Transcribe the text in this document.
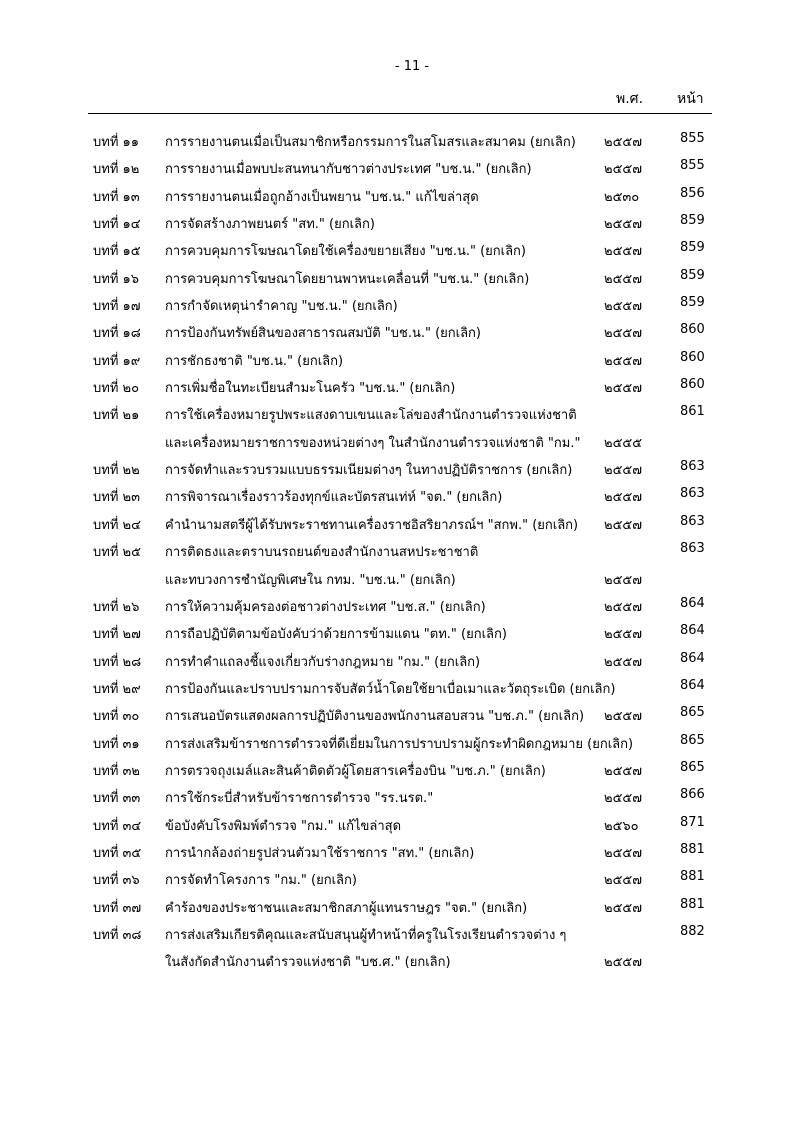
- 11 -
พ.ศ. หน้า
บทที่ ๑๑ การรายงานตนเมื่อเป็นสมาชิกหรือกรรมการในสโมสรและสมาคม (ยกเลิก) ๒๕๕๗	855
บทที่ ๑๒ การรายงานเมื่อพบปะสนทนากับชาวต่างประเทศ "บช.น." (ยกเลิก)	๒๕๕๗	855
บทที่ ๑๓ การรายงานตนเมื่อถูกอ้างเป็นพยาน "บช.น." แก้ไขล่าสุด	๒๕๓๐	856
บทที่ ๑๔ การจัดสร้างภาพยนตร์ "สท." (ยกเลิก)	๒๕๕๗	859
บทที่ ๑๕ การควบคุมการโฆษณาโดยใช้เครื่องขยายเสียง "บช.น." (ยกเลิก)	๒๕๕๗	859
บทที่ ๑๖ การควบคุมการโฆษณาโดยยานพาหนะเคลื่อนที่ "บช.น." (ยกเลิก)	๒๕๕๗	859
บทที่ ๑๗ การกำจัดเหตุน่ารำคาญ "บช.น." (ยกเลิก)	๒๕๕๗	859
บทที่ ๑๘ การป้องกันทรัพย์สินของสาธารณสมบัติ "บช.น." (ยกเลิก)	๒๕๕๗	860
บทที่ ๑๙ การชักธงชาติ "บช.น." (ยกเลิก)	๒๕๕๗	860
บทที่ ๒๐ การเพิ่มชื่อในทะเบียนสำมะโนครัว "บช.น." (ยกเลิก)	๒๕๕๗	860
บทที่ ๒๑ การใช้เครื่องหมายรูปพระแสงดาบเขนและโล่ของสำนักงานตำรวจแห่งชาติ	861
และเครื่องหมายราชการของหน่วยต่างๆ ในสำนักงานตำรวจแห่งชาติ "กม." ๒๕๕๕
บทที่ ๒๒ การจัดทำและรวบรวมแบบธรรมเนียมต่างๆ ในทางปฏิบัติราชการ (ยกเลิก) ๒๕๕๗	863
บทที่ ๒๓ การพิจารณาเรื่องราวร้องทุกข์และบัตรสนเท่ห์ "จต." (ยกเลิก)	๒๕๕๗	863
บทที่ ๒๔ คำนำนามสตรีผู้ได้รับพระราชทานเครื่องราชอิสริยาภรณ์ฯ "สกพ." (ยกเลิก) ๒๕๕๗	863
บทที่ ๒๕ การติดธงและตราบนรถยนต์ของสำนักงานสหประชาชาติ	863
และทบวงการชำนัญพิเศษใน กทม. "บช.น." (ยกเลิก)	๒๕๕๗
บทที่ ๒๖ การให้ความคุ้มครองต่อชาวต่างประเทศ "บช.ส." (ยกเลิก)	๒๕๕๗	864
บทที่ ๒๗ การถือปฏิบัติตามข้อบังคับว่าด้วยการข้ามแดน "ตท." (ยกเลิก)	๒๕๕๗	864
บทที่ ๒๘ การทำคำแถลงชี้แจงเกี่ยวกับร่างกฎหมาย "กม." (ยกเลิก)	๒๕๕๗	864
บทที่ ๒๙ การป้องกันและปราบปรามการจับสัตว์น้ำโดยใช้ยาเบื่อเมาและวัตถุระเบิด (ยกเลิก)	864
บทที่ ๓๐ การเสนอบัตรแสดงผลการปฏิบัติงานของพนักงานสอบสวน "บช.ภ." (ยกเลิก) ๒๕๕๗	865
บทที่ ๓๑ การส่งเสริมข้าราชการตำรวจที่ดีเยี่ยมในการปราบปรามผู้กระทำผิดกฎหมาย (ยกเลิก)	865
บทที่ ๓๒ การตรวจถุงเมล์และสินค้าติดตัวผู้โดยสารเครื่องบิน "บช.ภ." (ยกเลิก)	๒๕๕๗	865
บทที่ ๓๓ การใช้กระบี่สำหรับข้าราชการตำรวจ "รร.นรต."	๒๕๕๗	866
บทที่ ๓๔ ข้อบังคับโรงพิมพ์ตำรวจ "กม." แก้ไขล่าสุด	๒๕๖๐	871
บทที่ ๓๕ การนำกล้องถ่ายรูปส่วนตัวมาใช้ราชการ "สท." (ยกเลิก)	๒๕๕๗	881
บทที่ ๓๖ การจัดทำโครงการ "กม." (ยกเลิก)	๒๕๕๗	881
บทที่ ๓๗ คำร้องของประชาชนและสมาชิกสภาผู้แทนราษฎร "จต." (ยกเลิก)	๒๕๕๗	881
บทที่ ๓๘ การส่งเสริมเกียรติคุณและสนับสนุนผู้ทำหน้าที่ครูในโรงเรียนตำรวจต่าง ๆ	882
ในสังกัดสำนักงานตำรวจแห่งชาติ "บช.ศ." (ยกเลิก)	๒๕๕๗
